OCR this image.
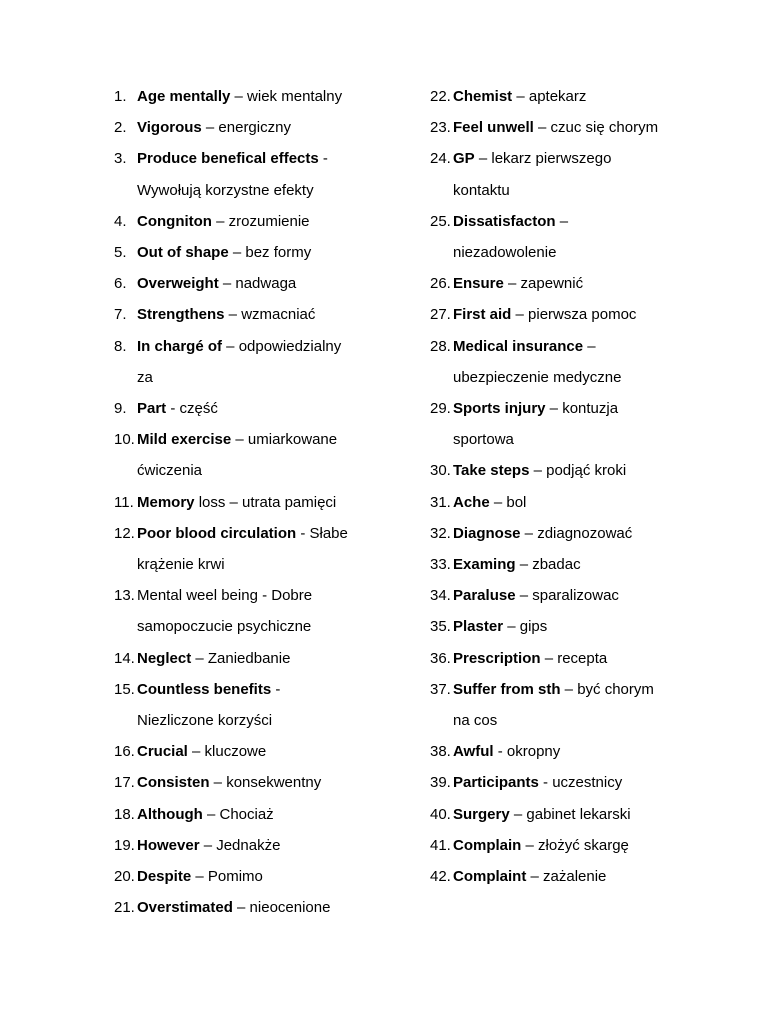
1. Age mentally – wiek mentalny
2. Vigorous – energiczny
3. Produce benefical effects -
Wywołują korzystne efekty
4. Congniton – zrozumienie
5. Out of shape – bez formy
6. Overweight – nadwaga
7. Strengthens – wzmacniać
8. In chargé of – odpowiedzialny
za
9. Part - część
10. Mild exercise – umiarkowane
ćwiczenia
11. Memory loss – utrata pamięci
12. Poor blood circulation - Słabe
krążenie krwi
13. Mental weel being - Dobre
samopoczucie psychiczne
14. Neglect – Zaniedbanie
15. Countless benefits -
Niezliczone korzyści
16. Crucial – kluczowe
17. Consisten – konsekwentny
18. Although – Chociaż
19. However – Jednakże
20. Despite – Pomimo
21. Overstimated – nieocenione
22. Chemist – aptekarz
23. Feel unwell – czuc się chorym
24. GP – lekarz pierwszego
kontaktu
25. Dissatisfacton –
niezadowolenie
26. Ensure – zapewnić
27. First aid – pierwsza pomoc
28. Medical insurance –
ubezpieczenie medyczne
29. Sports injury – kontuzja
sportowa
30. Take steps – podjąć kroki
31. Ache – bol
32. Diagnose – zdiagnozować
33. Examing – zbadac
34. Paraluse – sparalizowac
35. Plaster – gips
36. Prescription – recepta
37. Suffer from sth – być chorym
na cos
38. Awful - okropny
39. Participants - uczestnicy
40. Surgery – gabinet lekarski
41. Complain – złożyć skargę
42. Complaint – zażalenie
